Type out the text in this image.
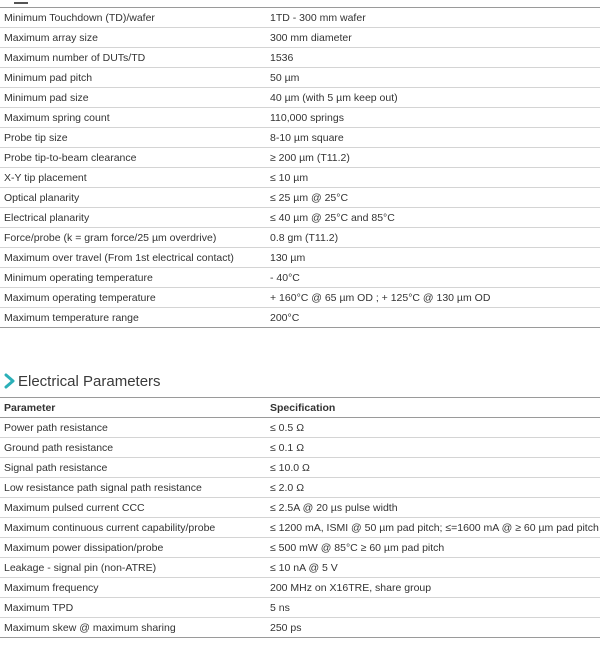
Minimum Touchdown (TD)/wafer	1TD - 300 mm wafer
Maximum array size	300 mm diameter
Maximum number of DUTs/TD	1536
Minimum pad pitch	50 µm
Minimum pad size	40 µm (with 5 µm keep out)
Maximum spring count	110,000 springs
Probe tip size	8-10 µm square
Probe tip-to-beam clearance	≥ 200 µm (T11.2)
X-Y tip placement	≤ 10 µm
Optical planarity	≤ 25 µm @ 25°C
Electrical planarity	≤ 40 µm @ 25°C and 85°C
Force/probe (k = gram force/25 µm overdrive)	0.8 gm (T11.2)
Maximum over travel (From 1st electrical contact)	130 µm
Minimum operating temperature	- 40°C
Maximum operating temperature	+ 160°C @ 65 µm OD ; + 125°C @ 130 µm OD
Maximum temperature range	200°C
Electrical Parameters
Parameter	Specification
Power path resistance	≤ 0.5 Ω
Ground path resistance	≤ 0.1 Ω
Signal path resistance	≤ 10.0 Ω
Low resistance path signal path resistance	≤ 2.0 Ω
Maximum pulsed current CCC	≤ 2.5A @ 20 µs pulse width
Maximum continuous current capability/probe	≤ 1200 mA, ISMI @ 50 µm pad pitch; ≤=1600 mA @ ≥ 60 µm pad pitch
Maximum power dissipation/probe	≤ 500 mW @ 85°C ≥ 60 µm pad pitch
Leakage - signal pin (non-ATRE)	≤ 10 nA @ 5 V
Maximum frequency	200 MHz on X16TRE, share group
Maximum TPD	5 ns
Maximum skew @ maximum sharing	250 ps
